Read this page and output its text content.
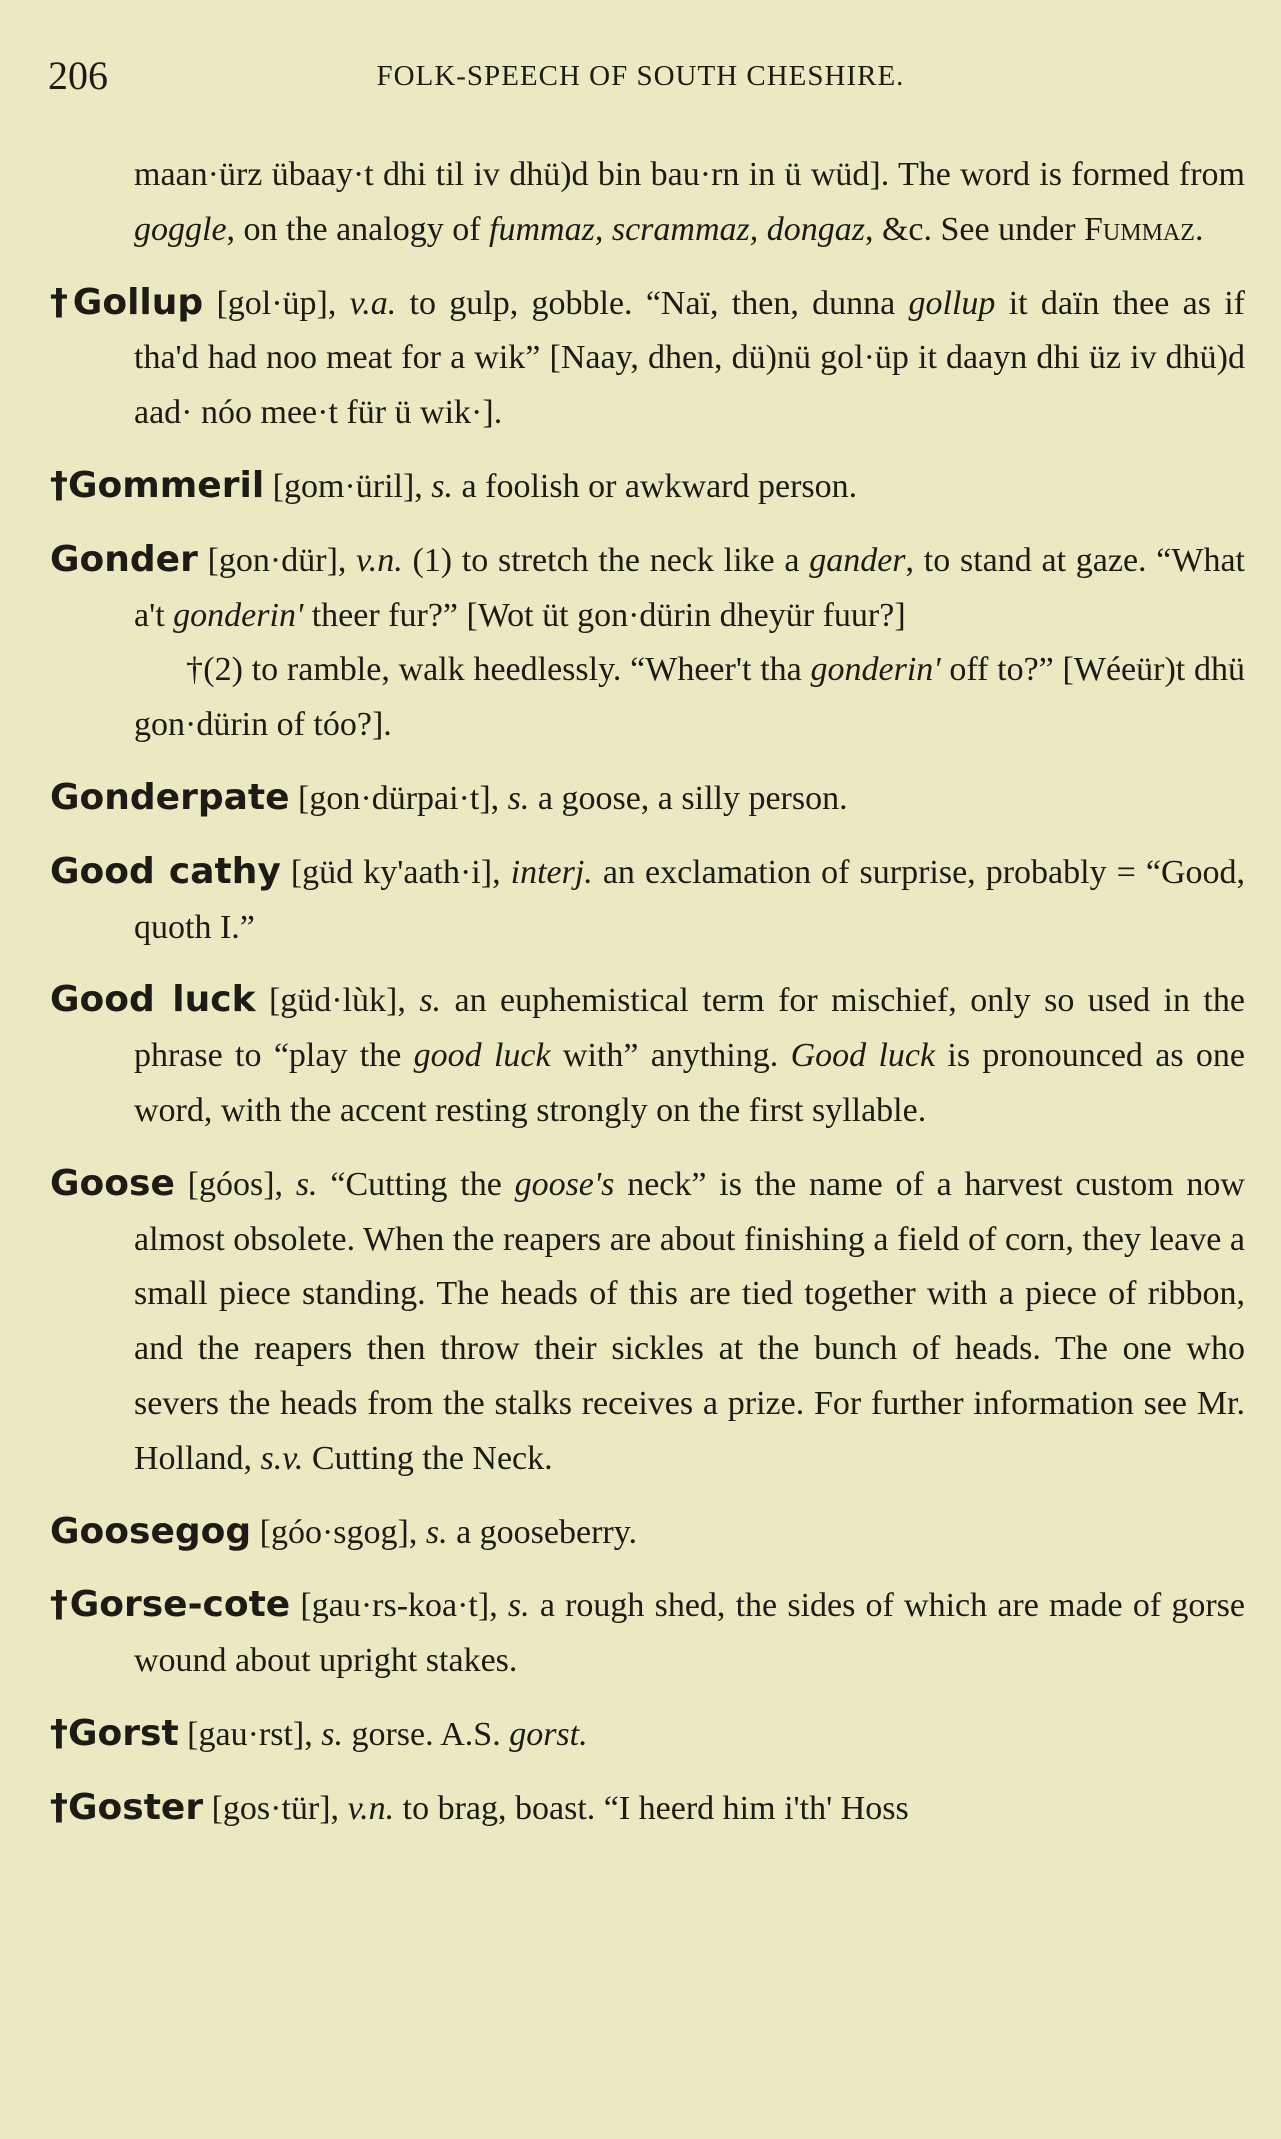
206	FOLK-SPEECH OF SOUTH CHESHIRE.

maan·ürz übaay·t dhi til iv dhü)d bin bau·rn in ü wüd]. The word is formed from goggle, on the analogy of fummaz, scrammaz, dongaz, &c. See under Fummaz.

†Gollup [gol·üp], v.a. to gulp, gobble. “Naï, then, dunna gollup it daïn thee as if tha'd had noo meat for a wik” [Naay, dhen, dü)nü gol·üp it daayn dhi üz iv dhü)d aad· nóo mee·t für ü wik·].

†Gommeril [gom·üril], s. a foolish or awkward person.

Gonder [gon·dür], v.n. (1) to stretch the neck like a gander, to stand at gaze. “What a't gonderin' theer fur?” [Wot üt gon·dürin dheyür fuur?]

†(2) to ramble, walk heedlessly. “Wheer't tha gonderin' off to?” [Wéeür)t dhü gon·dürin of tóo?].

Gonderpate [gon·dürpai·t], s. a goose, a silly person.

Good cathy [güd ky'aath·i], interj. an exclamation of surprise, probably = “Good, quoth I.”

Good luck [güd·lùk], s. an euphemistical term for mischief, only so used in the phrase to “play the good luck with” anything. Good luck is pronounced as one word, with the accent resting strongly on the first syllable.

Goose [góos], s. “Cutting the goose's neck” is the name of a harvest custom now almost obsolete. When the reapers are about finishing a field of corn, they leave a small piece standing. The heads of this are tied together with a piece of ribbon, and the reapers then throw their sickles at the bunch of heads. The one who severs the heads from the stalks receives a prize. For further information see Mr. Holland, s.v. Cutting the Neck.

Goosegog [góo·sgog], s. a gooseberry.

†Gorse-cote [gau·rs-koa·t], s. a rough shed, the sides of which are made of gorse wound about upright stakes.

†Gorst [gau·rst], s. gorse. A.S. gorst.

†Goster [gos·tür], v.n. to brag, boast. “I heerd him i'th' Hoss
